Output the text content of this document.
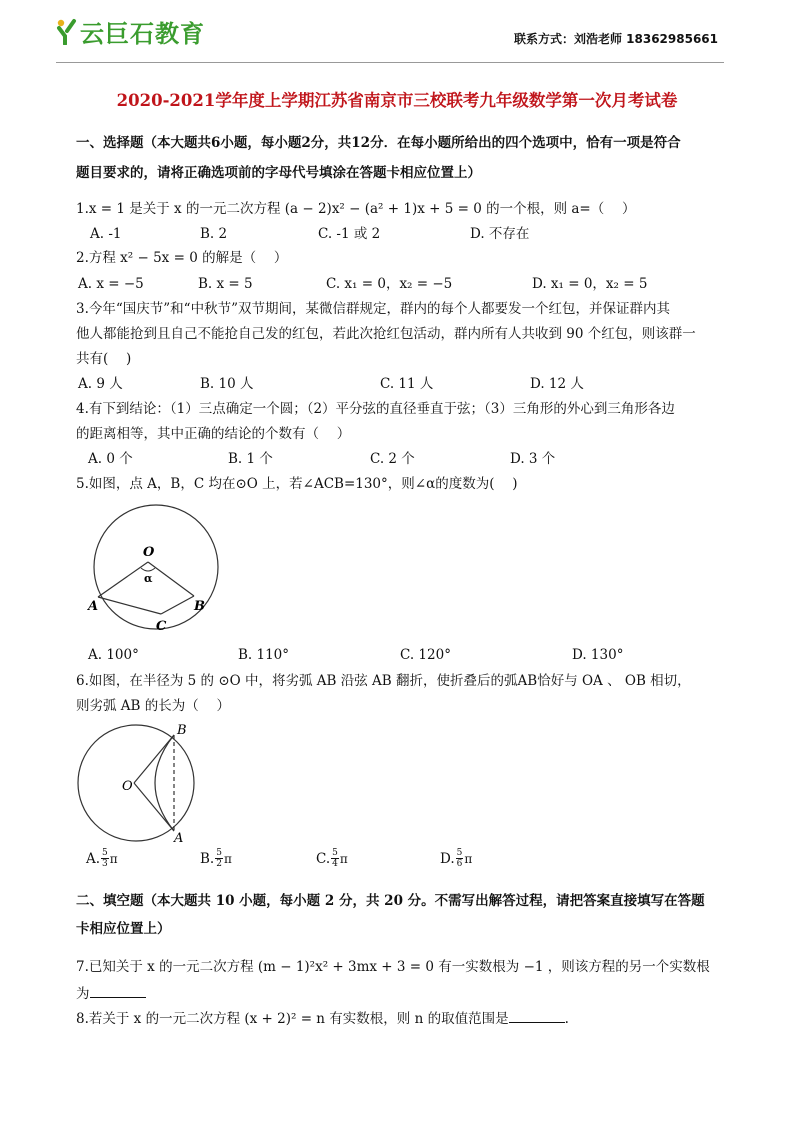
云巨石教育	联系方式：刘浩老师 18362985661
2020-2021学年度上学期江苏省南京市三校联考九年级数学第一次月考试卷
一、选择题（本大题共6小题，每小题2分，共12分．在每小题所给出的四个选项中，恰有一项是符合
题目要求的，请将正确选项前的字母代号填涂在答题卡相应位置上）
1.x = 1 是关于 x 的一元二次方程 (a − 2)x² − (a² + 1)x + 5 = 0 的一个根，则 a=（　 ）
A. -1	B. 2	C. -1 或 2	D. 不存在
2.方程 x² − 5x = 0 的解是（　 ）
A. x = −5	B. x = 5	C. x₁ = 0，x₂ = −5	D. x₁ = 0，x₂ = 5
3.今年“国庆节”和“中秋节”双节期间，某微信群规定，群内的每个人都要发一个红包，并保证群内其
他人都能抢到且自己不能抢自己发的红包，若此次抢红包活动，群内所有人共收到 90 个红包，则该群一
共有(　 )
A. 9 人	B. 10 人	C. 11 人	D. 12 人
4.有下到结论：（1）三点确定一个圆；（2）平分弦的直径垂直于弦；（3）三角形的外心到三角形各边
的距离相等，其中正确的结论的个数有（　 ）
A. 0 个	B. 1 个	C. 2 个	D. 3 个
5.如图，点 A，B，C 均在⊙O 上，若∠ACB=130°，则∠α的度数为(　 )
O
α
A	B
C
A. 100°	B. 110°	C. 120°	D. 130°
6.如图，在半径为 5 的 ⊙O 中，将劣弧 AB 沿弦 AB 翻折，使折叠后的弧AB恰好与 OA 、 OB 相切，
则劣弧 AB 的长为（　 ）
O
B
A
A. 5
3 π	B. 5
2 π	C. 5
4 π	D. 5
6 π
二、填空题（本大题共 10 小题，每小题 2 分，共 20 分。不需写出解答过程，请把答案直接填写在答题
卡相应位置上）
7.已知关于 x 的一元二次方程 (m − 1)²x² + 3mx + 3 = 0 有一实数根为 −1 ，则该方程的另一个实数根
为
8.若关于 x 的一元二次方程 (x + 2)² = n 有实数根，则 n 的取值范围是	.
